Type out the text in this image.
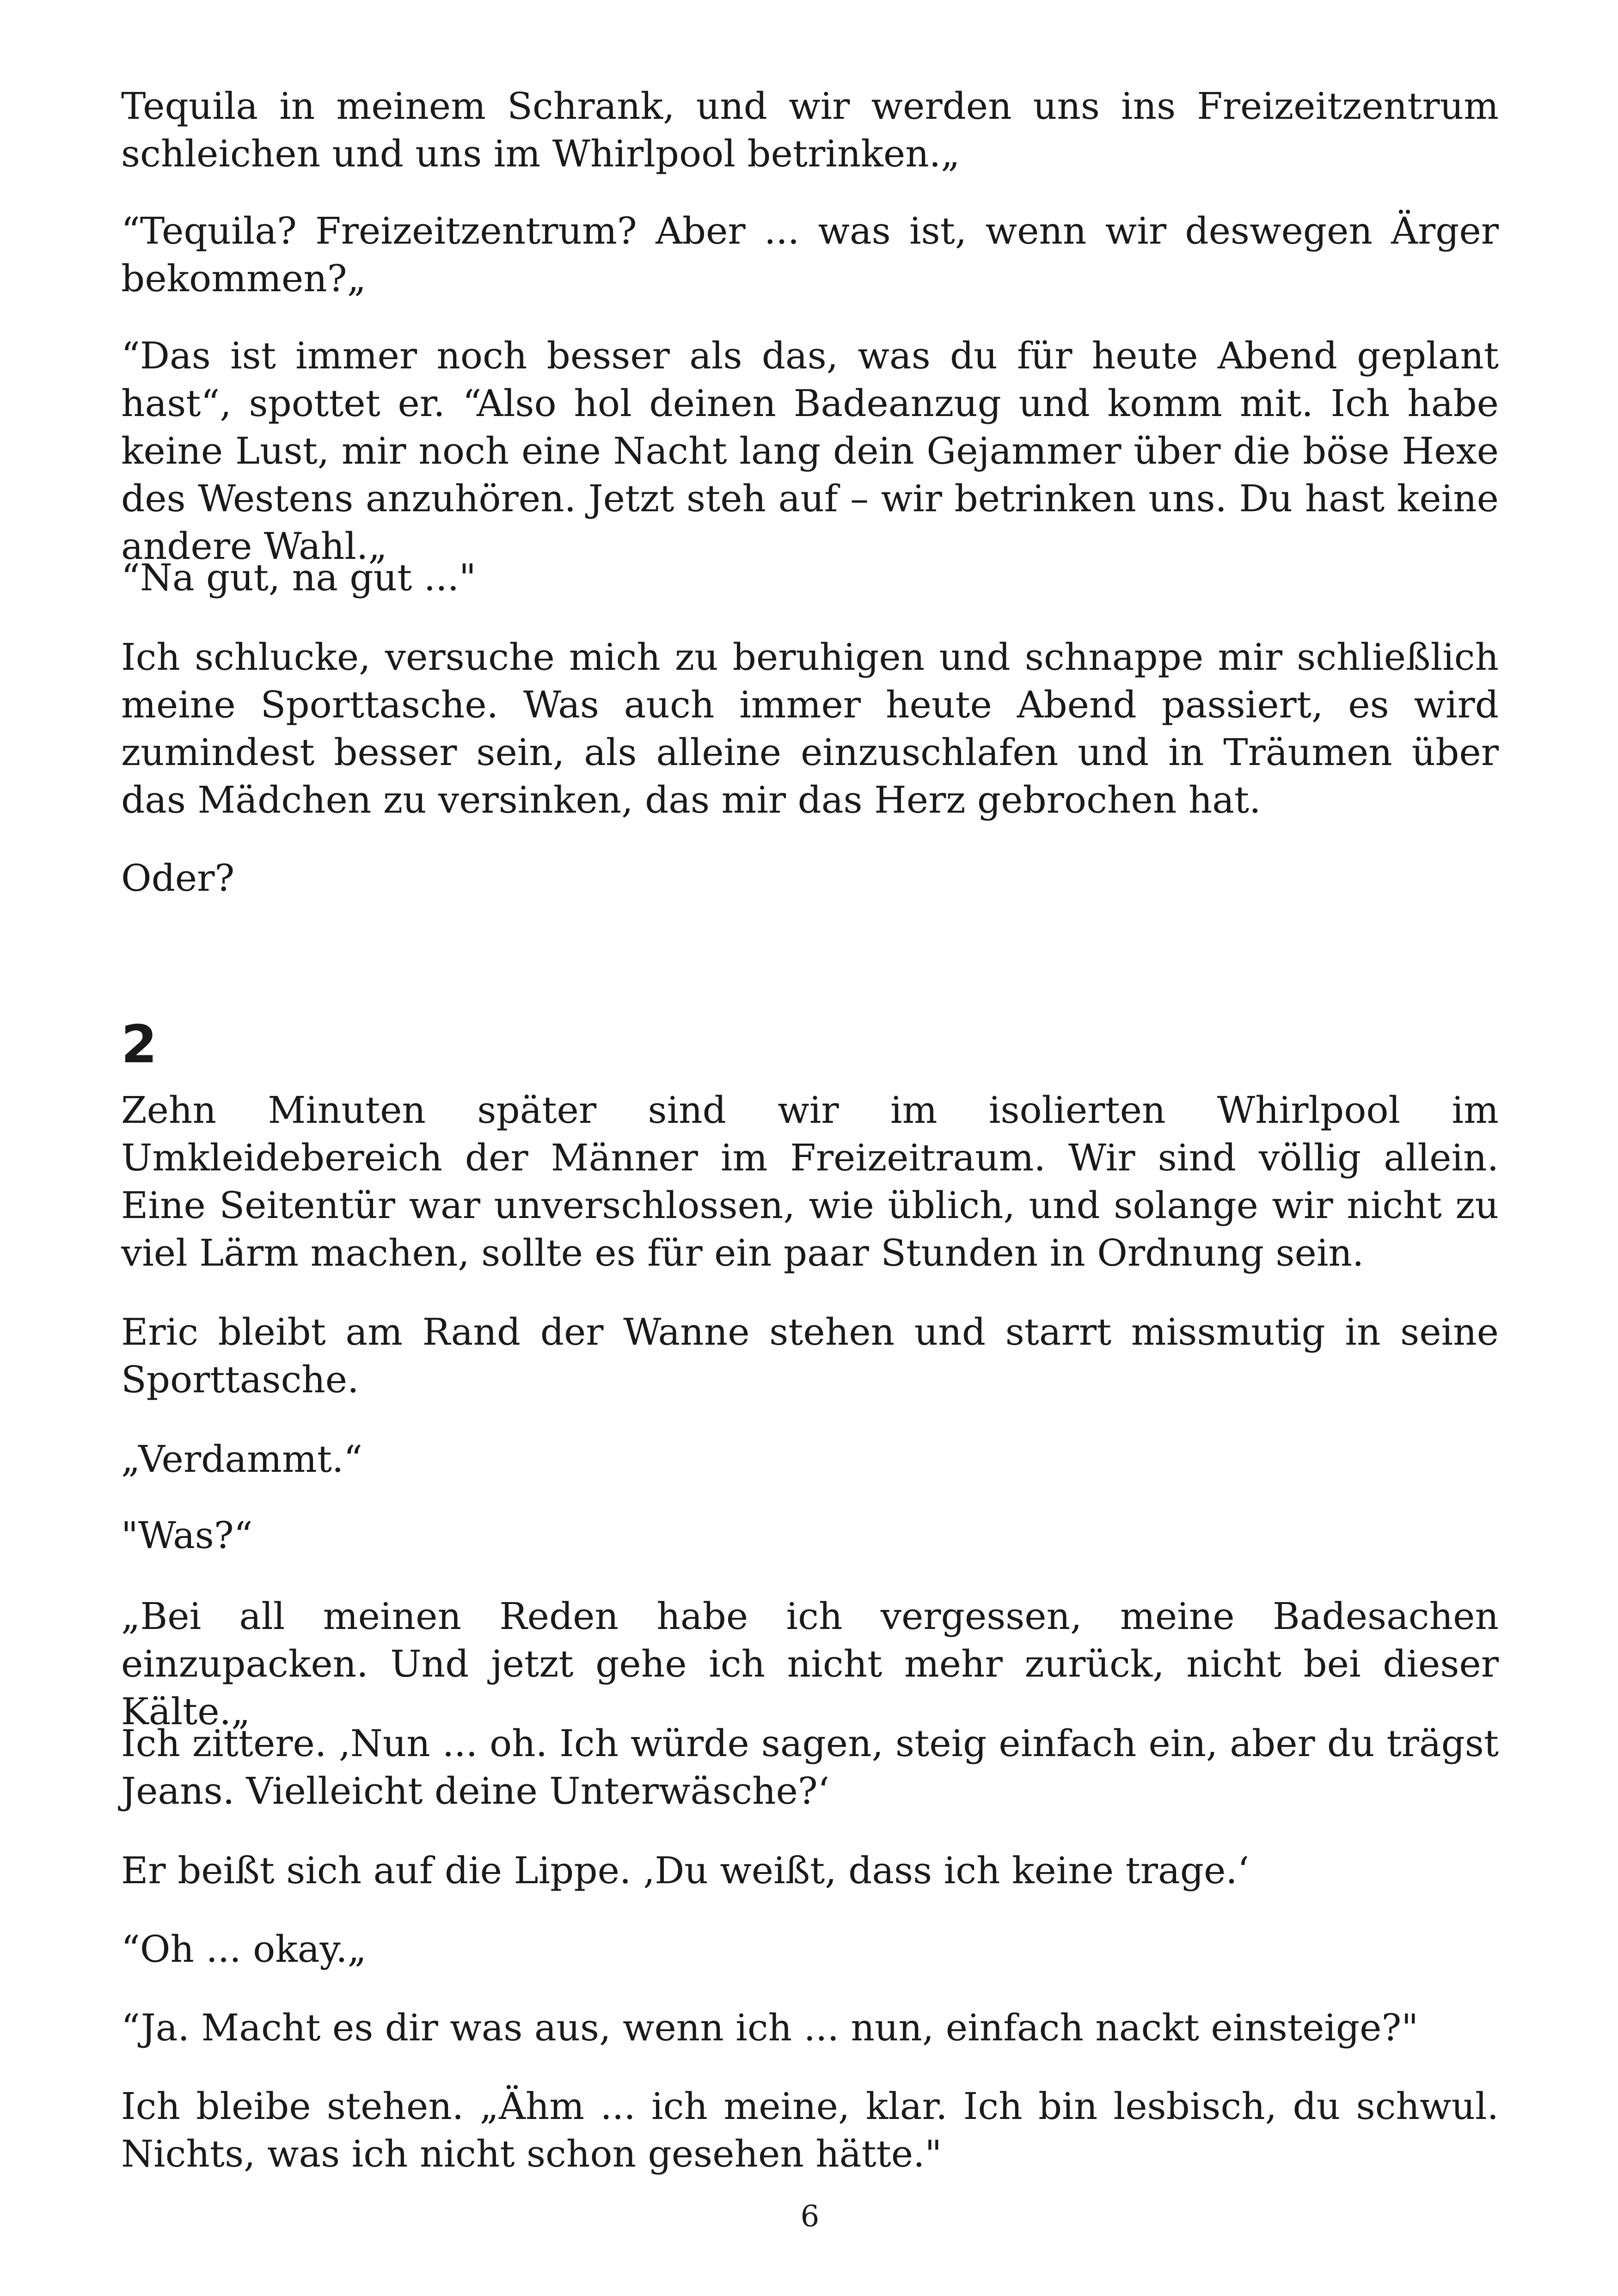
Tequila in meinem Schrank, und wir werden uns ins Freizeitzentrum schleichen und uns im Whirlpool betrinken.„

“Tequila? Freizeitzentrum? Aber ... was ist, wenn wir deswegen Ärger bekommen?„

“Das ist immer noch besser als das, was du für heute Abend geplant hast“, spottet er. “Also hol deinen Badeanzug und komm mit. Ich habe keine Lust, mir noch eine Nacht lang dein Gejammer über die böse Hexe des Westens anzuhören. Jetzt steh auf – wir betrinken uns. Du hast keine andere Wahl.„

“Na gut, na gut ..."

Ich schlucke, versuche mich zu beruhigen und schnappe mir schließlich meine Sporttasche. Was auch immer heute Abend passiert, es wird zumindest besser sein, als alleine einzuschlafen und in Träumen über das Mädchen zu versinken, das mir das Herz gebrochen hat.

Oder?

2

Zehn Minuten später sind wir im isolierten Whirlpool im Umkleidebereich der Männer im Freizeitraum. Wir sind völlig allein. Eine Seitentür war unverschlossen, wie üblich, und solange wir nicht zu viel Lärm machen, sollte es für ein paar Stunden in Ordnung sein.

Eric bleibt am Rand der Wanne stehen und starrt missmutig in seine Sporttasche.

„Verdammt.“

"Was?“

„Bei all meinen Reden habe ich vergessen, meine Badesachen einzupacken. Und jetzt gehe ich nicht mehr zurück, nicht bei dieser Kälte.„

Ich zittere. ‚Nun ... oh. Ich würde sagen, steig einfach ein, aber du trägst Jeans. Vielleicht deine Unterwäsche?‘

Er beißt sich auf die Lippe. ‚Du weißt, dass ich keine trage.‘

“Oh ... okay.„

“Ja. Macht es dir was aus, wenn ich ... nun, einfach nackt einsteige?"

Ich bleibe stehen. „Ähm ... ich meine, klar. Ich bin lesbisch, du schwul. Nichts, was ich nicht schon gesehen hätte."

6
